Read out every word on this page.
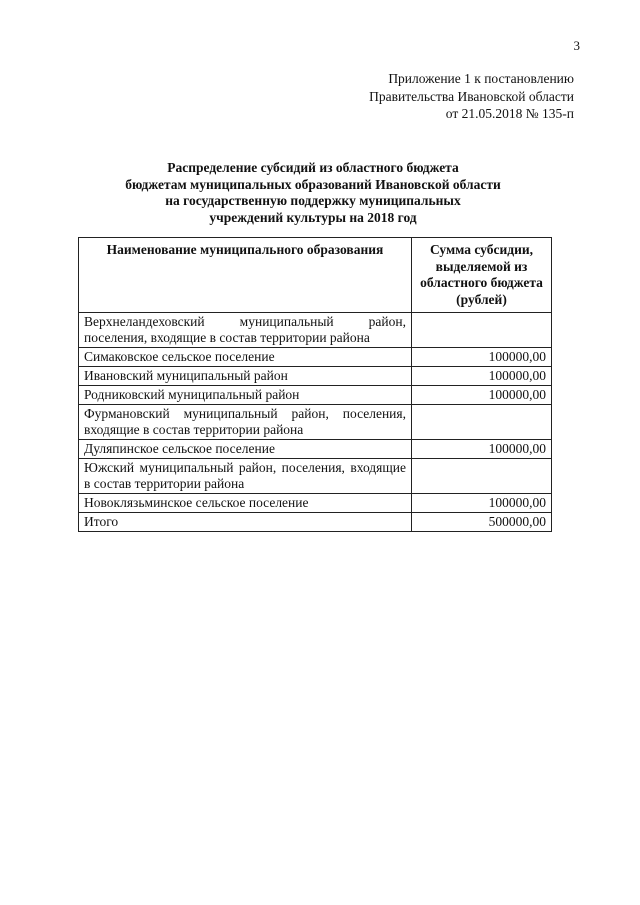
3
Приложение 1 к постановлению
Правительства Ивановской области
от 21.05.2018 № 135-п
Распределение субсидий из областного бюджета
бюджетам муниципальных образований Ивановской области
на государственную поддержку муниципальных
учреждений культуры на 2018 год
Наименование муниципального образования	Сумма субсидии, выделяемой из областного бюджета (рублей)
Верхнеландеховский муниципальный район, поселения, входящие в состав территории района	
Симаковское сельское поселение	100000,00
Ивановский муниципальный район	100000,00
Родниковский муниципальный район	100000,00
Фурмановский муниципальный район, поселения, входящие в состав территории района	
Дуляпинское сельское поселение	100000,00
Южский муниципальный район, поселения, входящие в состав территории района	
Новоклязьминское сельское поселение	100000,00
Итого	500000,00
